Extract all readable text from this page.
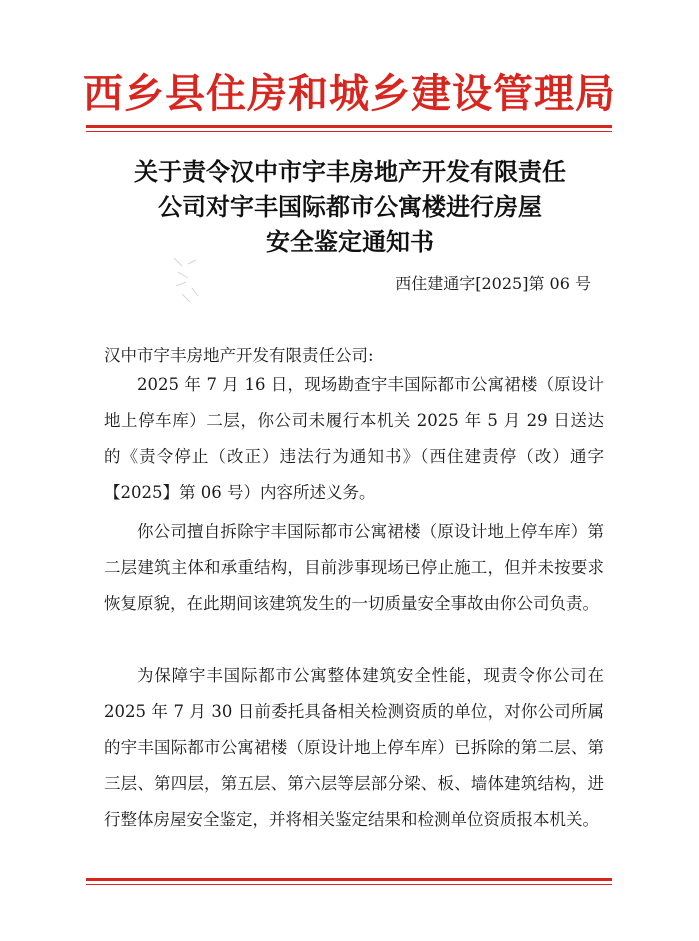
西乡县住房和城乡建设管理局
关于责令汉中市宇丰房地产开发有限责任
公司对宇丰国际都市公寓楼进行房屋
安全鉴定通知书
西住建通字[2025]第 06 号
汉中市宇丰房地产开发有限责任公司:
2025 年 7 月 16 日，现场勘查宇丰国际都市公寓裙楼（原设计地上停车库）二层，你公司未履行本机关 2025 年 5 月 29 日送达的《责令停止（改正）违法行为通知书》（西住建责停（改）通字【2025】第 06 号）内容所述义务。
你公司擅自拆除宇丰国际都市公寓裙楼（原设计地上停车库）第二层建筑主体和承重结构，目前涉事现场已停止施工，但并未按要求恢复原貌，在此期间该建筑发生的一切质量安全事故由你公司负责。
为保障宇丰国际都市公寓整体建筑安全性能，现责令你公司在 2025 年 7 月 30 日前委托具备相关检测资质的单位，对你公司所属的宇丰国际都市公寓裙楼（原设计地上停车库）已拆除的第二层、第三层、第四层，第五层、第六层等层部分梁、板、墙体建筑结构，进行整体房屋安全鉴定，并将相关鉴定结果和检测单位资质报本机关。
